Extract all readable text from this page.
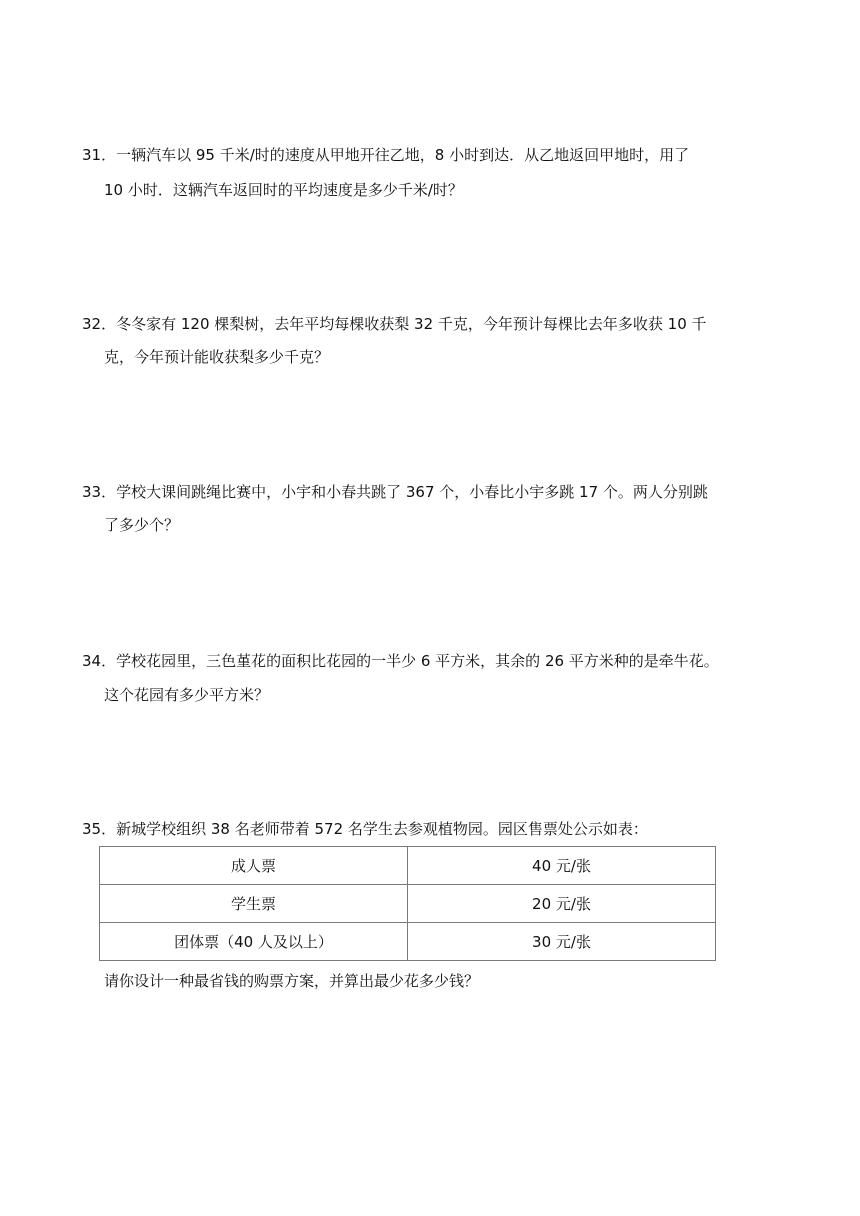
31．一辆汽车以 95 千米/时的速度从甲地开往乙地，8 小时到达．从乙地返回甲地时，用了
10 小时．这辆汽车返回时的平均速度是多少千米/时？
32．冬冬家有 120 棵梨树，去年平均每棵收获梨 32 千克，今年预计每棵比去年多收获 10 千
克，今年预计能收获梨多少千克？
33．学校大课间跳绳比赛中，小宇和小春共跳了 367 个，小春比小宇多跳 17 个。两人分别跳
了多少个？
34．学校花园里，三色堇花的面积比花园的一半少 6 平方米，其余的 26 平方米种的是牵牛花。
这个花园有多少平方米？
35．新城学校组织 38 名老师带着 572 名学生去参观植物园。园区售票处公示如表：
成人票	40 元/张
学生票	20 元/张
团体票（40 人及以上）	30 元/张
请你设计一种最省钱的购票方案，并算出最少花多少钱？
